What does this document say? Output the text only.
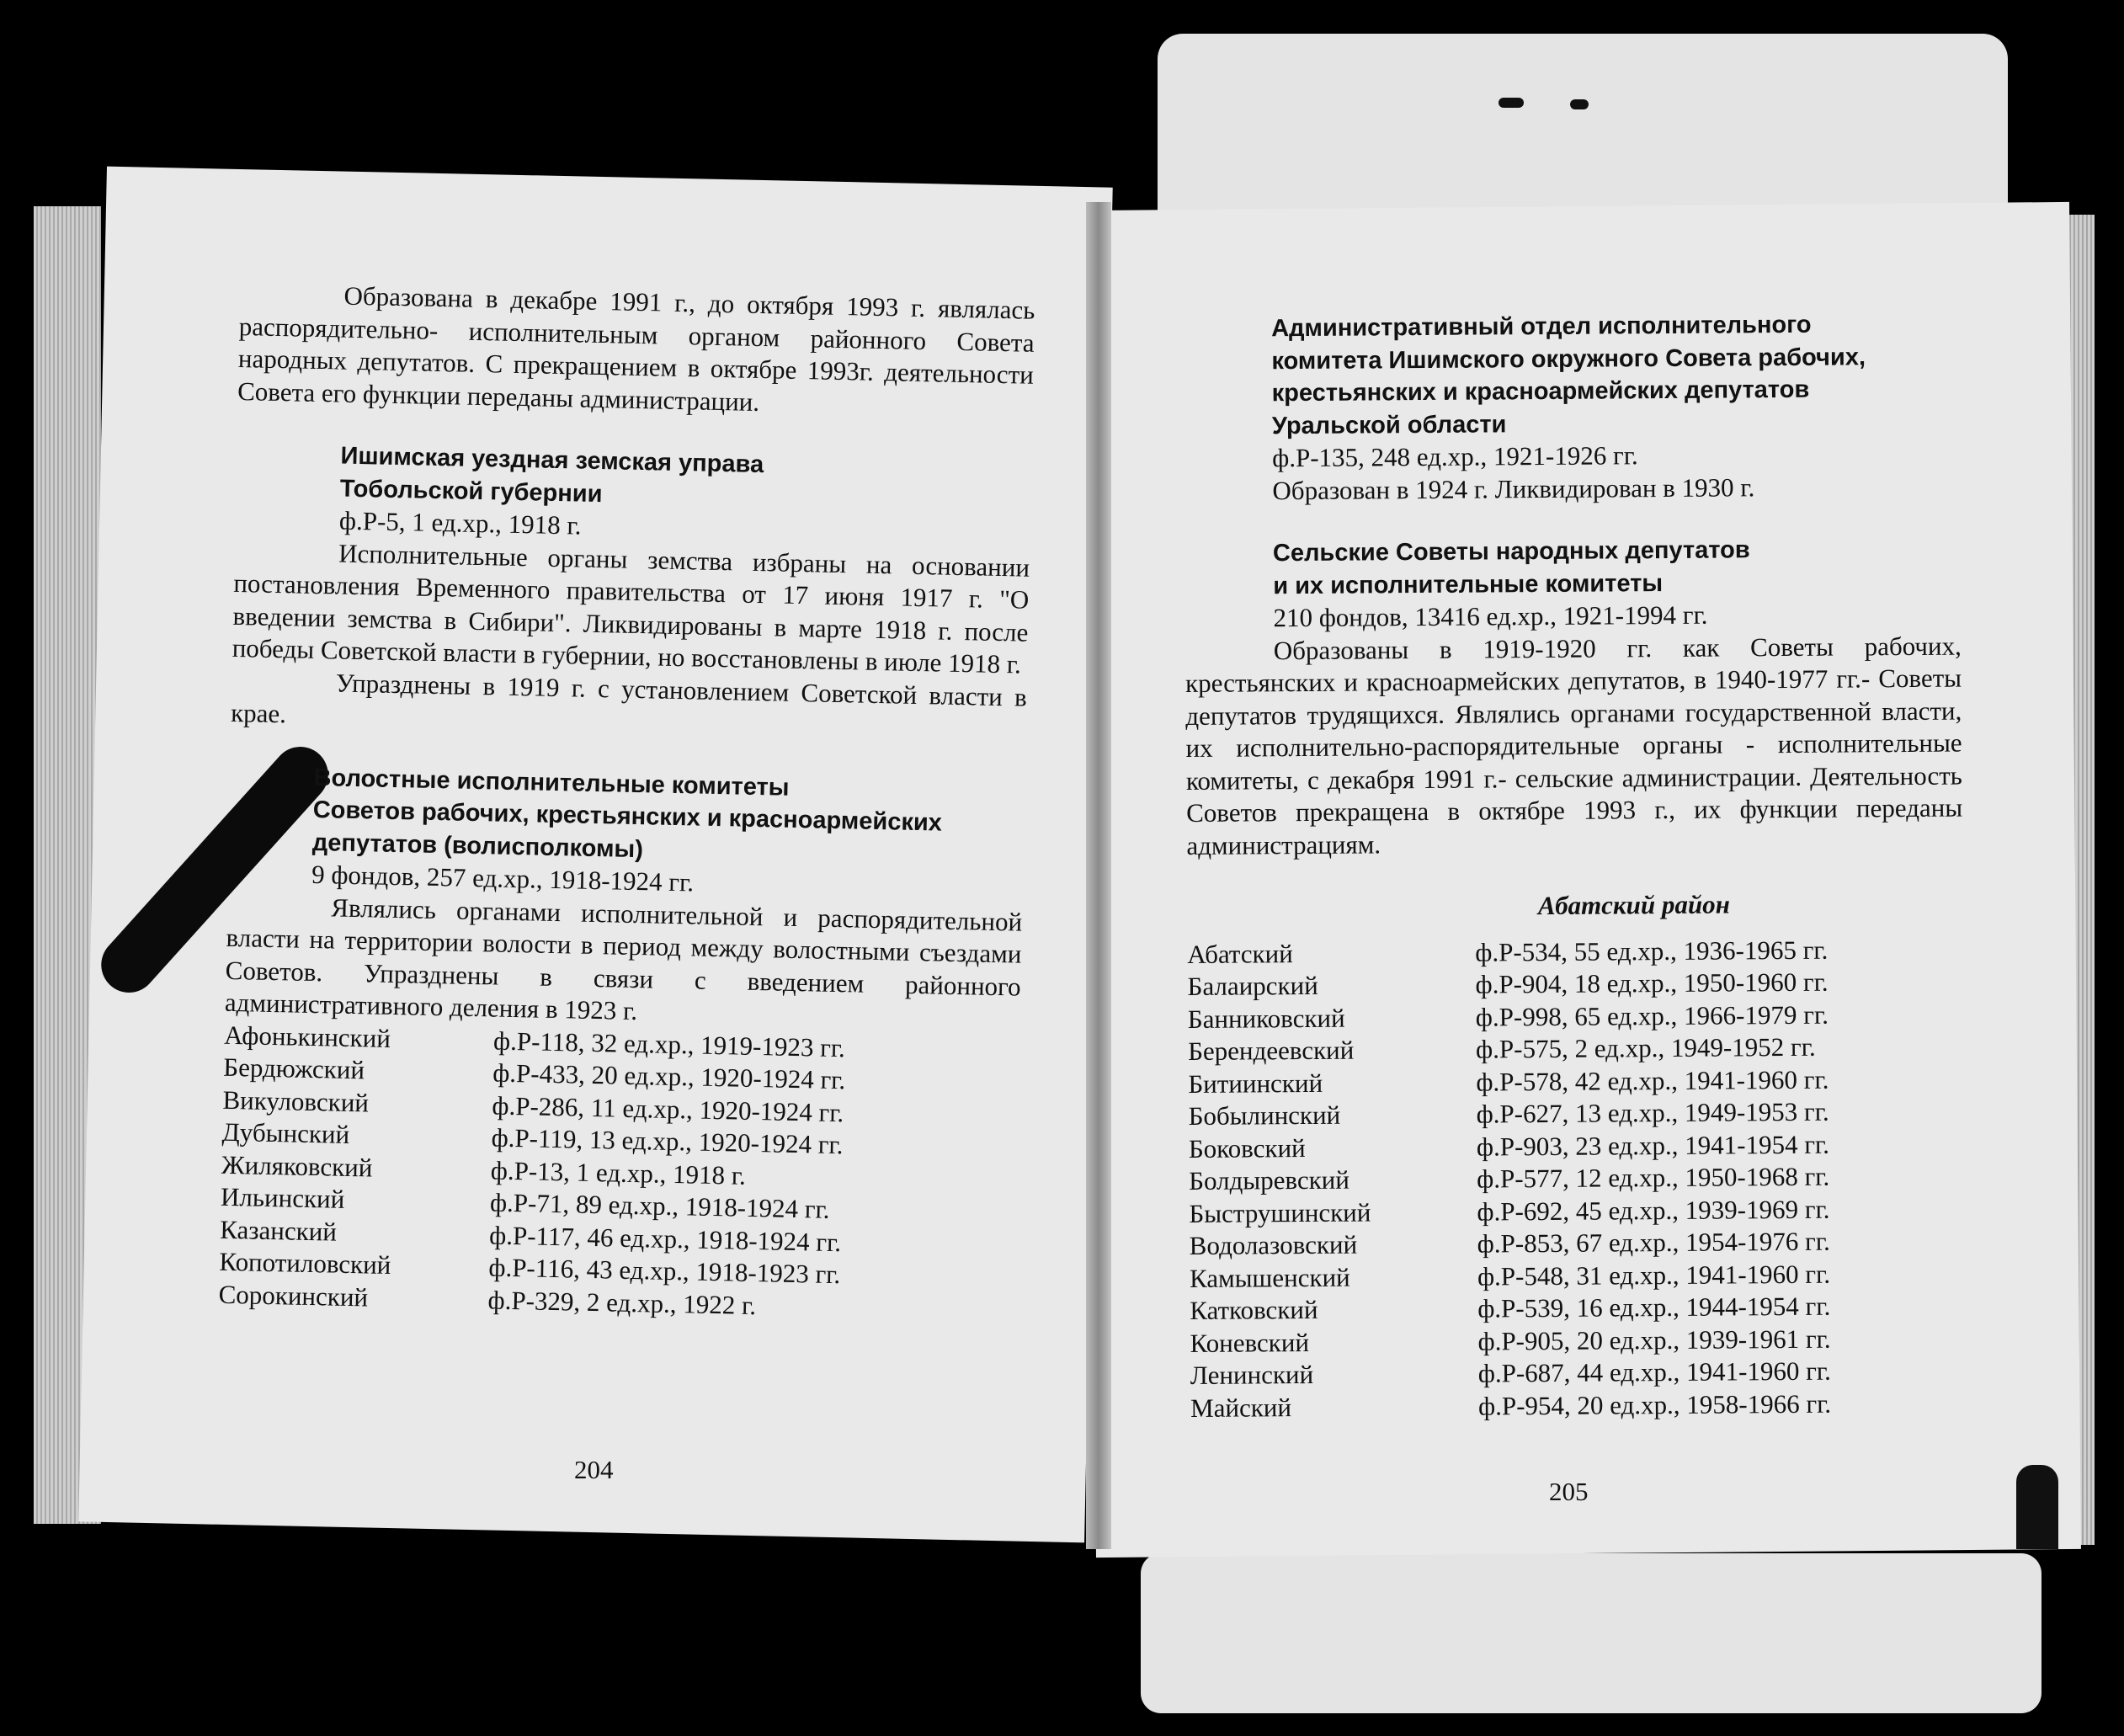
Образована в декабре 1991 г., до октября 1993 г. являлась распорядительно- исполнительным органом районного Совета народных депутатов. С прекращением в октябре 1993г. деятельности Совета его функции переданы администрации.

Ишимская уездная земская управа
Тобольской губернии
ф.Р-5, 1 ед.хр., 1918 г.

Исполнительные органы земства избраны на основании постановления Временного правительства от 17 июня 1917 г. "О введении земства в Сибири". Ликвидированы в марте 1918 г. после победы Советской власти в губернии, но восстановлены в июле 1918 г.

Упразднены в 1919 г. с установлением Советской власти в крае.

Волостные исполнительные комитеты
Советов рабочих, крестьянских и красноармейских
депутатов (волисполкомы)
9 фондов, 257 ед.хр., 1918-1924 гг.

Являлись органами исполнительной и распорядительной власти на территории волости в период между волостными съездами Советов. Упразднены в связи с введением районного административного деления в 1923 г.

Афонькинский	ф.Р-118, 32 ед.хр., 1919-1923 гг.
Бердюжский	ф.Р-433, 20 ед.хр., 1920-1924 гг.
Викуловский	ф.Р-286, 11 ед.хр., 1920-1924 гг.
Дубынский	ф.Р-119, 13 ед.хр., 1920-1924 гг.
Жиляковский	ф.Р-13, 1 ед.хр., 1918 г.
Ильинский	ф.Р-71, 89 ед.хр., 1918-1924 гг.
Казанский	ф.Р-117, 46 ед.хр., 1918-1924 гг.
Копотиловский	ф.Р-116, 43 ед.хр., 1918-1923 гг.
Сорокинский	ф.Р-329, 2 ед.хр., 1922 г.
204
Административный отдел исполнительного
комитета Ишимского окружного Совета рабочих,
крестьянских и красноармейских депутатов
Уральской области
ф.Р-135, 248 ед.хр., 1921-1926 гг.
Образован в 1924 г. Ликвидирован в 1930 г.
Сельские Советы народных депутатов
и их исполнительные комитеты
210 фондов, 13416 ед.хр., 1921-1994 гг.

Образованы в 1919-1920 гг. как Советы рабочих, крестьянских и красноармейских депутатов, в 1940-1977 гг.- Советы депутатов трудящихся. Являлись органами государственной власти, их исполнительно-распорядительные органы - исполнительные комитеты, с декабря 1991 г.- сельские администрации. Деятельность Советов прекращена в октябре 1993 г., их функции переданы администрациям.

Абатский район
Абатский	ф.Р-534, 55 ед.хр., 1936-1965 гг.
Балаирский	ф.Р-904, 18 ед.хр., 1950-1960 гг.
Банниковский	ф.Р-998, 65 ед.хр., 1966-1979 гг.
Берендеевский	ф.Р-575, 2 ед.хр., 1949-1952 гг.
Битиинский	ф.Р-578, 42 ед.хр., 1941-1960 гг.
Бобылинский	ф.Р-627, 13 ед.хр., 1949-1953 гг.
Боковский	ф.Р-903, 23 ед.хр., 1941-1954 гг.
Болдыревский	ф.Р-577, 12 ед.хр., 1950-1968 гг.
Быструшинский	ф.Р-692, 45 ед.хр., 1939-1969 гг.
Водолазовский	ф.Р-853, 67 ед.хр., 1954-1976 гг.
Камышенский	ф.Р-548, 31 ед.хр., 1941-1960 гг.
Катковский	ф.Р-539, 16 ед.хр., 1944-1954 гг.
Коневский	ф.Р-905, 20 ед.хр., 1939-1961 гг.
Ленинский	ф.Р-687, 44 ед.хр., 1941-1960 гг.
Майский	ф.Р-954, 20 ед.хр., 1958-1966 гг.
205
